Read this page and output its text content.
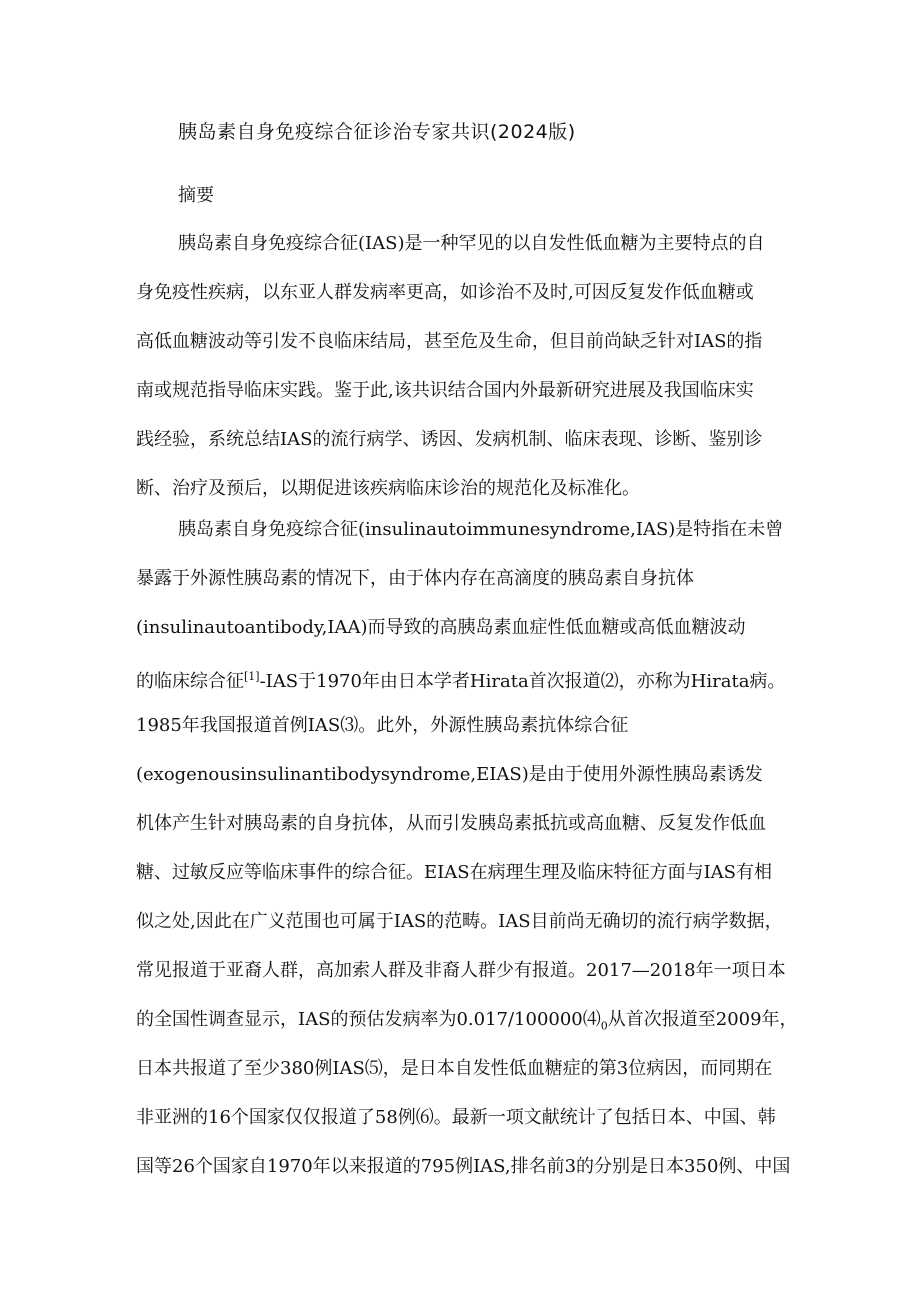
胰岛素自身免疫综合征诊治专家共识(2024版)
摘要
胰岛素自身免疫综合征(IAS)是一种罕见的以自发性低血糖为主要特点的自
身免疫性疾病，以东亚人群发病率更高，如诊治不及时,可因反复发作低血糖或
高低血糖波动等引发不良临床结局，甚至危及生命，但目前尚缺乏针对IAS的指
南或规范指导临床实践。鉴于此,该共识结合国内外最新研究进展及我国临床实
践经验，系统总结IAS的流行病学、诱因、发病机制、临床表现、诊断、鉴别诊
断、治疗及预后，以期促进该疾病临床诊治的规范化及标准化。
胰岛素自身免疫综合征(insulinautoimmunesyndrome,IAS)是特指在未曾
暴露于外源性胰岛素的情况下，由于体内存在高滴度的胰岛素自身抗体
(insulinautoantibody,IAA)而导致的高胰岛素血症性低血糖或高低血糖波动
的临床综合征[1]-IAS于1970年由日本学者Hirata首次报道⑵，亦称为Hirata病。
1985年我国报道首例IAS⑶。此外，外源性胰岛素抗体综合征
(exogenousinsulinantibodysyndrome,EIAS)是由于使用外源性胰岛素诱发
机体产生针对胰岛素的自身抗体，从而引发胰岛素抵抗或高血糖、反复发作低血
糖、过敏反应等临床事件的综合征。EIAS在病理生理及临床特征方面与IAS有相
似之处,因此在广义范围也可属于IAS的范畴。IAS目前尚无确切的流行病学数据，
常见报道于亚裔人群，高加索人群及非裔人群少有报道。2017—2018年一项日本
的全国性调查显示，IAS的预估发病率为$0.017/100000⑷_0$从首次报道至2009年，
日本共报道了至少380例IAS⑸，是日本自发性低血糖症的第3位病因，而同期在
非亚洲的16个国家仅仅报道了58例⑹。最新一项文献统计了包括日本、中国、韩
国等26个国家自1970年以来报道的795例IAS,排名前3的分别是日本350例、中国
